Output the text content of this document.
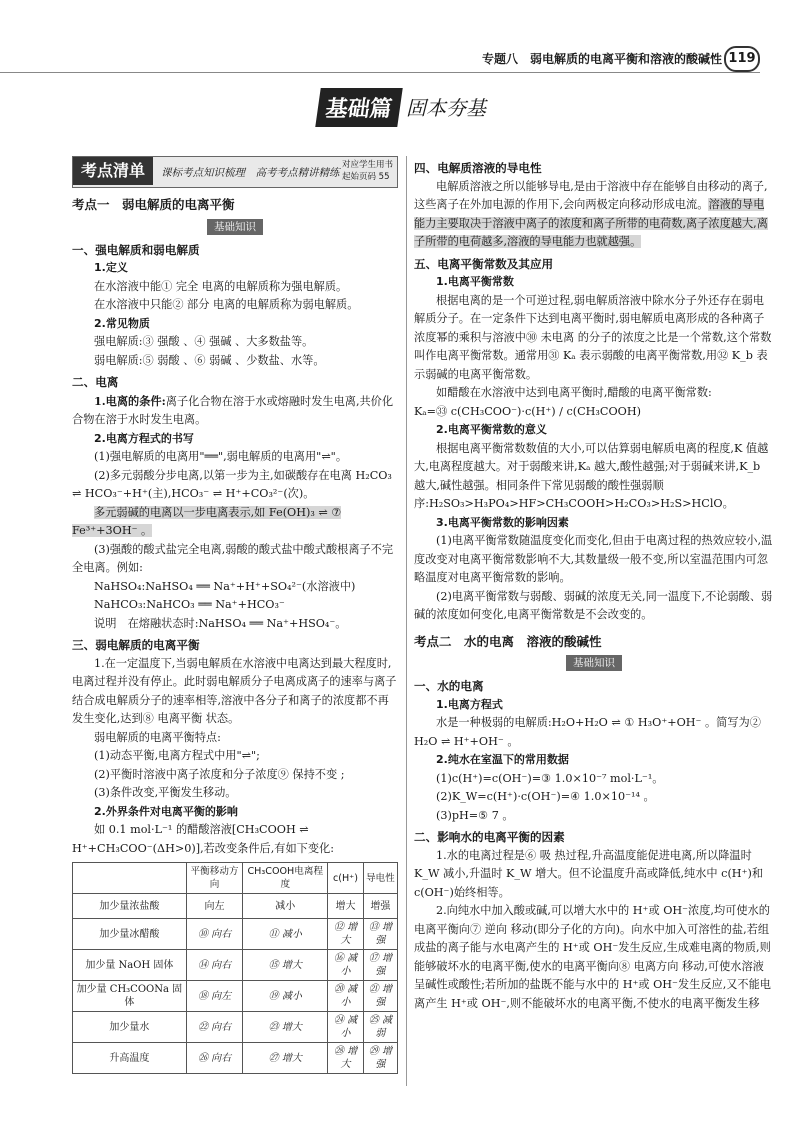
专题八　弱电解质的电离平衡和溶液的酸碱性 119
基础篇 固本夯基
考点清单	课标考点知识梳理　高考考点精讲精练
对应学生用书
起始页码 55
考点一　弱电解质的电离平衡
基础知识
一、强电解质和弱电解质
1.定义

在水溶液中能① 完全 电离的电解质称为强电解质。

在水溶液中只能② 部分 电离的电解质称为弱电解质。

2.常见物质

强电解质:③ 强酸 、④ 强碱 、大多数盐等。

弱电解质:⑤ 弱酸 、⑥ 弱碱 、少数盐、水等。

二、电离

1.电离的条件:离子化合物在溶于水或熔融时发生电离,共价化合物在溶于水时发生电离。

2.电离方程式的书写

(1)强电解质的电离用"══",弱电解质的电离用"⇌"。

(2)多元弱酸分步电离,以第一步为主,如碳酸存在电离 H₂CO₃ ⇌ HCO₃⁻+H⁺(主),HCO₃⁻ ⇌ H⁺+CO₃²⁻(次)。

多元弱碱的电离以一步电离表示,如 Fe(OH)₃ ⇌ ⑦ Fe³⁺+3OH⁻ 。

(3)强酸的酸式盐完全电离,弱酸的酸式盐中酸式酸根离子不完全电离。例如:

NaHSO₄:NaHSO₄ ══ Na⁺+H⁺+SO₄²⁻(水溶液中)

NaHCO₃:NaHCO₃ ══ Na⁺+HCO₃⁻

说明　在熔融状态时:NaHSO₄ ══ Na⁺+HSO₄⁻。

三、弱电解质的电离平衡

1.在一定温度下,当弱电解质在水溶液中电离达到最大程度时,电离过程并没有停止。此时弱电解质分子电离成离子的速率与离子结合成电解质分子的速率相等,溶液中各分子和离子的浓度都不再发生变化,达到⑧ 电离平衡 状态。

弱电解质的电离平衡特点:

(1)动态平衡,电离方程式中用"⇌";

(2)平衡时溶液中离子浓度和分子浓度⑨ 保持不变 ;

(3)条件改变,平衡发生移动。

2.外界条件对电离平衡的影响

如 0.1 mol·L⁻¹ 的醋酸溶液[CH₃COOH ⇌ H⁺+CH₃COO⁻(ΔH>0)],若改变条件后,有如下变化:

	平衡移动方向	CH₃COOH电离程度	c(H⁺)	导电性
加少量浓盐酸	向左	减小	增大	增强
加少量冰醋酸	⑩ 向右	⑪ 减小	⑫ 增大	⑬ 增强
加少量 NaOH 固体	⑭ 向右	⑮ 增大	⑯ 减小	⑰ 增强
加少量 CH₃COONa 固体	⑱ 向左	⑲ 减小	⑳ 减小	㉑ 增强
加少量水	㉒ 向右	㉓ 增大	㉔ 减小	㉕ 减弱
升高温度	㉖ 向右	㉗ 增大	㉘ 增大	㉙ 增强
四、电解质溶液的导电性

电解质溶液之所以能够导电,是由于溶液中存在能够自由移动的离子,这些离子在外加电源的作用下,会向两极定向移动形成电流。溶液的导电能力主要取决于溶液中离子的浓度和离子所带的电荷数,离子浓度越大,离子所带的电荷越多,溶液的导电能力也就越强。

五、电离平衡常数及其应用
1.电离平衡常数

根据电离的是一个可逆过程,弱电解质溶液中除水分子外还存在弱电解质分子。在一定条件下达到电离平衡时,弱电解质电离形成的各种离子浓度幂的乘积与溶液中㉚ 未电离 的分子的浓度之比是一个常数,这个常数叫作电离平衡常数。通常用㉛ Kₐ 表示弱酸的电离平衡常数,用㉜ K_b 表示弱碱的电离平衡常数。

如醋酸在水溶液中达到电离平衡时,醋酸的电离平衡常数:

Kₐ=㉝ c(CH₃COO⁻)·c(H⁺) / c(CH₃COOH)

2.电离平衡常数的意义

根据电离平衡常数数值的大小,可以估算弱电解质电离的程度,K 值越大,电离程度越大。对于弱酸来讲,Kₐ 越大,酸性越强;对于弱碱来讲,K_b 越大,碱性越强。相同条件下常见弱酸的酸性强弱顺序:H₂SO₃>H₃PO₄>HF>CH₃COOH>H₂CO₃>H₂S>HClO。

3.电离平衡常数的影响因素

(1)电离平衡常数随温度变化而变化,但由于电离过程的热效应较小,温度改变对电离平衡常数影响不大,其数量级一般不变,所以室温范围内可忽略温度对电离平衡常数的影响。

(2)电离平衡常数与弱酸、弱碱的浓度无关,同一温度下,不论弱酸、弱碱的浓度如何变化,电离平衡常数是不会改变的。

考点二　水的电离　溶液的酸碱性
基础知识
一、水的电离
1.电离方程式

水是一种极弱的电解质:H₂O+H₂O ⇌ ① H₃O⁺+OH⁻ 。简写为② H₂O ⇌ H⁺+OH⁻ 。

2.纯水在室温下的常用数据

(1)c(H⁺)=c(OH⁻)=③ 1.0×10⁻⁷ mol·L⁻¹。

(2)K_W=c(H⁺)·c(OH⁻)=④ 1.0×10⁻¹⁴ 。

(3)pH=⑤ 7 。

二、影响水的电离平衡的因素

1.水的电离过程是⑥ 吸 热过程,升高温度能促进电离,所以降温时 K_W 减小,升温时 K_W 增大。但不论温度升高或降低,纯水中 c(H⁺)和 c(OH⁻)始终相等。

2.向纯水中加入酸或碱,可以增大水中的 H⁺或 OH⁻浓度,均可使水的电离平衡向⑦ 逆向 移动(即分子化的方向)。向水中加入可溶性的盐,若组成盐的离子能与水电离产生的 H⁺或 OH⁻发生反应,生成难电离的物质,则能够破坏水的电离平衡,使水的电离平衡向⑧ 电离方向 移动,可使水溶液呈碱性或酸性;若所加的盐既不能与水中的 H⁺或 OH⁻发生反应,又不能电离产生 H⁺或 OH⁻,则不能破坏水的电离平衡,不使水的电离平衡发生移
